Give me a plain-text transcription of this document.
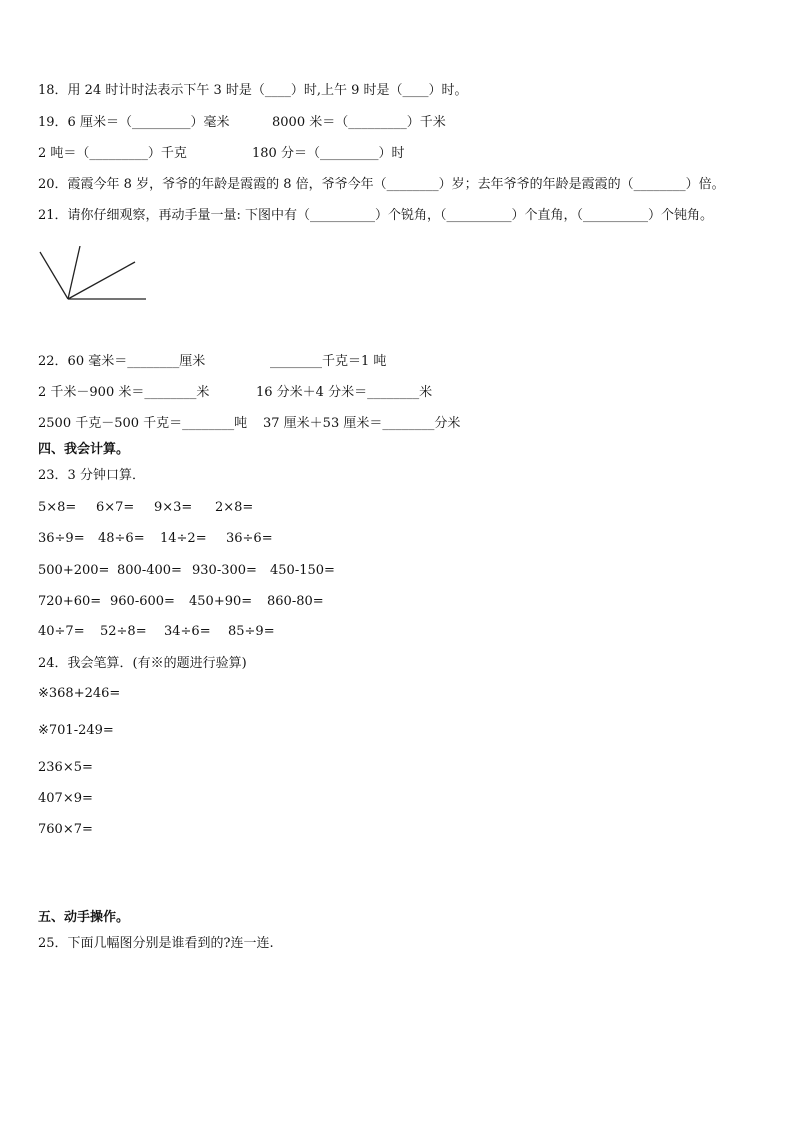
18．用 24 时计时法表示下午 3 时是（____）时,上午 9 时是（____）时。
19．6 厘米＝（_________）毫米	8000 米＝（_________）千米
2 吨＝（_________）千克	180 分＝（_________）时
20．霞霞今年 8 岁，爷爷的年龄是霞霞的 8 倍，爷爷今年（________）岁；去年爷爷的年龄是霞霞的（________）倍。
21．请你仔细观察，再动手量一量: 下图中有（__________）个锐角，（__________）个直角，（__________）个钝角。
22．60 毫米＝________厘米	________千克＝1 吨
2 千米－900 米＝________米	16 分米＋4 分米＝________米
2500 千克－500 千克＝________吨 37 厘米＋53 厘米＝________分米
四、我会计算。
23．3 分钟口算．
5×8= 6×7= 9×3= 2×8=
36÷9= 48÷6= 14÷2= 36÷6=
500+200= 800-400= 930-300= 450-150=
720+60= 960-600= 450+90= 860-80=
40÷7= 52÷8= 34÷6= 85÷9=
24．我会笔算．(有※的题进行验算)
※368+246=
※701-249=
236×5=
407×9=
760×7=
五、动手操作。
25．下面几幅图分别是谁看到的?连一连.
